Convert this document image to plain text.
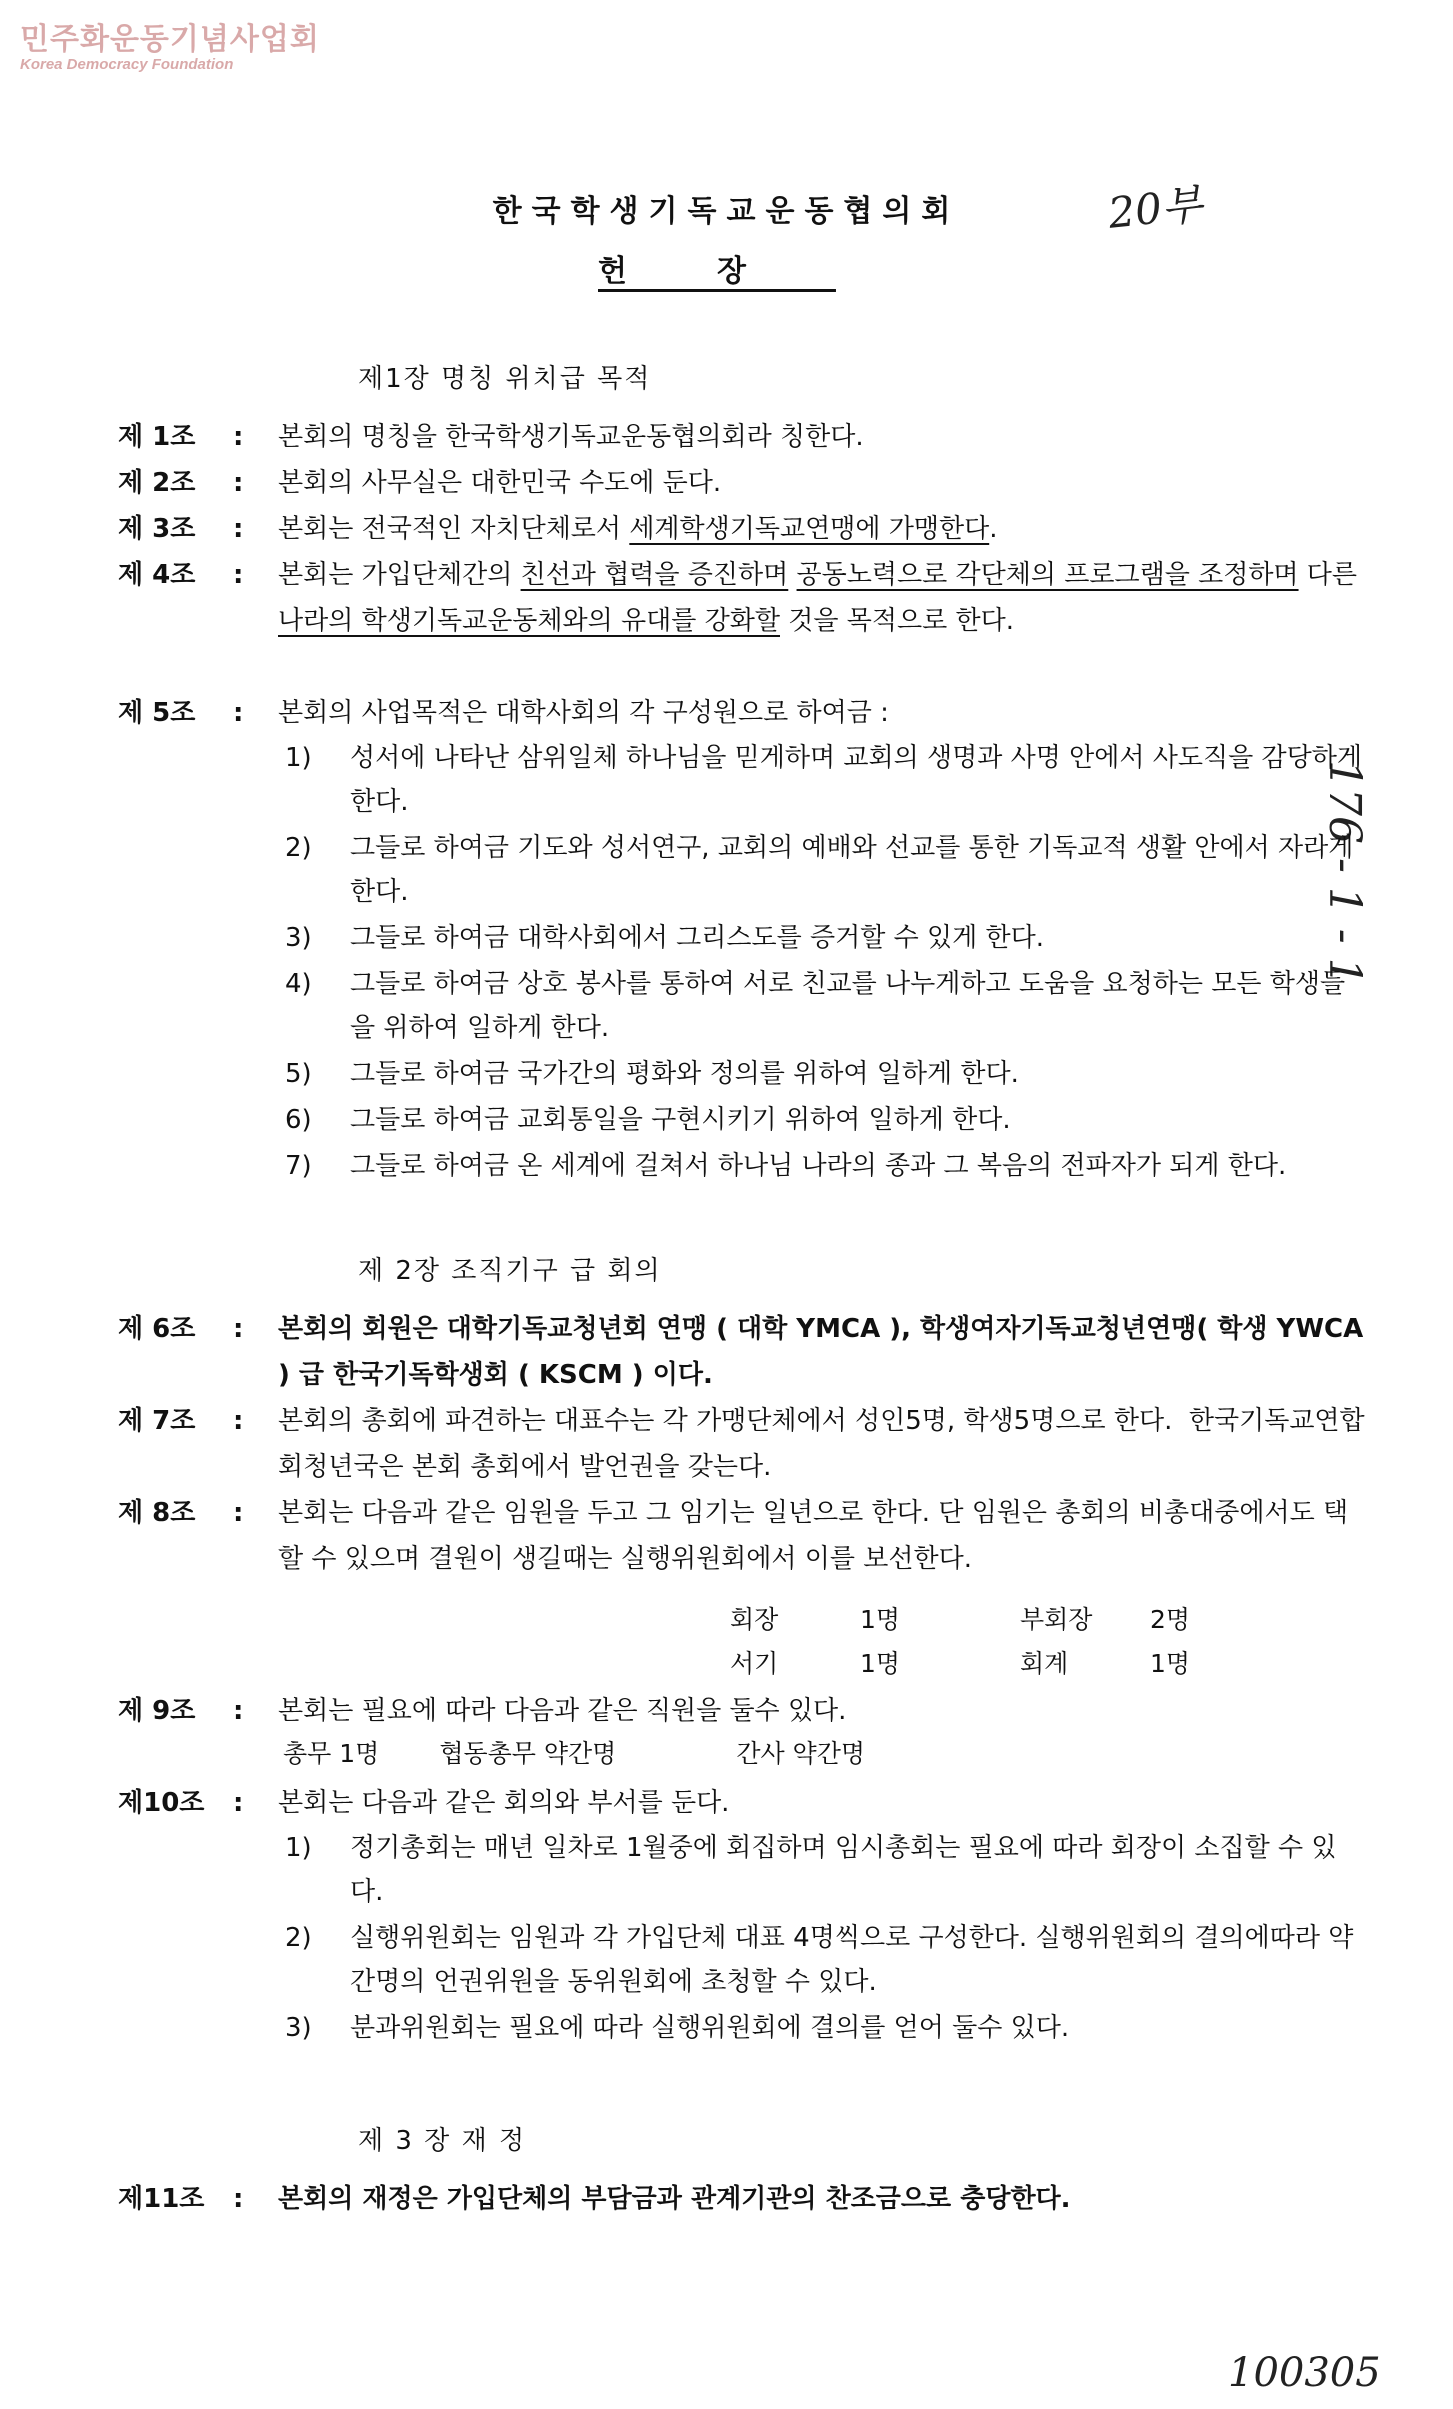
민주화운동기념사업회
Korea Democracy Foundation
20부
176 - 1 - 1
100305
한국학생기독교운동협의회
헌장
제1장 명칭 위치급 목적
제 1조	:	본회의 명칭을 한국학생기독교운동협의회라 칭한다.
제 2조	:	본회의 사무실은 대한민국 수도에 둔다.
제 3조	:	본회는 전국적인 자치단체로서 세계학생기독교연맹에 가맹한다.
제 4조	:	본회는 가입단체간의 친선과 협력을 증진하며 공동노력으로 각단체의 프로그램을 조정하며 다른나라의 학생기독교운동체와의 유대를 강화할 것을 목적으로 한다.
제 5조	:	본회의 사업목적은 대학사회의 각 구성원으로 하여금 :
1)	성서에 나타난 삼위일체 하나님을 믿게하며 교회의 생명과 사명 안에서 사도직을 감당하게 한다.
2)	그들로 하여금 기도와 성서연구, 교회의 예배와 선교를 통한 기독교적 생활 안에서 자라게 한다.
3)	그들로 하여금 대학사회에서 그리스도를 증거할 수 있게 한다.
4)	그들로 하여금 상호 봉사를 통하여 서로 친교를 나누게하고 도움을 요청하는 모든 학생들을 위하여 일하게 한다.
5)	그들로 하여금 국가간의 평화와 정의를 위하여 일하게 한다.
6)	그들로 하여금 교회통일을 구현시키기 위하여 일하게 한다.
7)	그들로 하여금 온 세계에 걸쳐서 하나님 나라의 종과 그 복음의 전파자가 되게 한다.
제 2장 조직기구 급 회의
제 6조	:	본회의 회원은 대학기독교청년회 연맹 ( 대학 YMCA ), 학생여자기독교청년연맹( 학생 YWCA ) 급 한국기독학생회 ( KSCM ) 이다.
제 7조	:	본회의 총회에 파견하는 대표수는 각 가맹단체에서 성인5명, 학생5명으로 한다.  한국기독교연합회청년국은 본회 총회에서 발언권을 갖는다.
제 8조	:	본회는 다음과 같은 임원을 두고 그 임기는 일년으로 한다. 단 임원은 총회의 비총대중에서도 택할 수 있으며 결원이 생길때는 실행위원회에서 이를 보선한다.
회장	1명	부회장	2명
서기	1명	회계	1명
제 9조	:	본회는 필요에 따라 다음과 같은 직원을 둘수 있다.
총무 1명 협동총무 약간명	간사 약간명
제10조	:	본회는 다음과 같은 회의와 부서를 둔다.
1)	정기총회는 매년 일차로 1월중에 회집하며 임시총회는 필요에 따라 회장이 소집할 수 있다.
2)	실행위원회는 임원과 각 가입단체 대표 4명씩으로 구성한다. 실행위원회의 결의에따라 약간명의 언권위원을 동위원회에 초청할 수 있다.
3)	분과위원회는 필요에 따라 실행위원회에 결의를 얻어 둘수 있다.
제 3 장 재 정
제11조	:	본회의 재정은 가입단체의 부담금과 관계기관의 찬조금으로 충당한다.
